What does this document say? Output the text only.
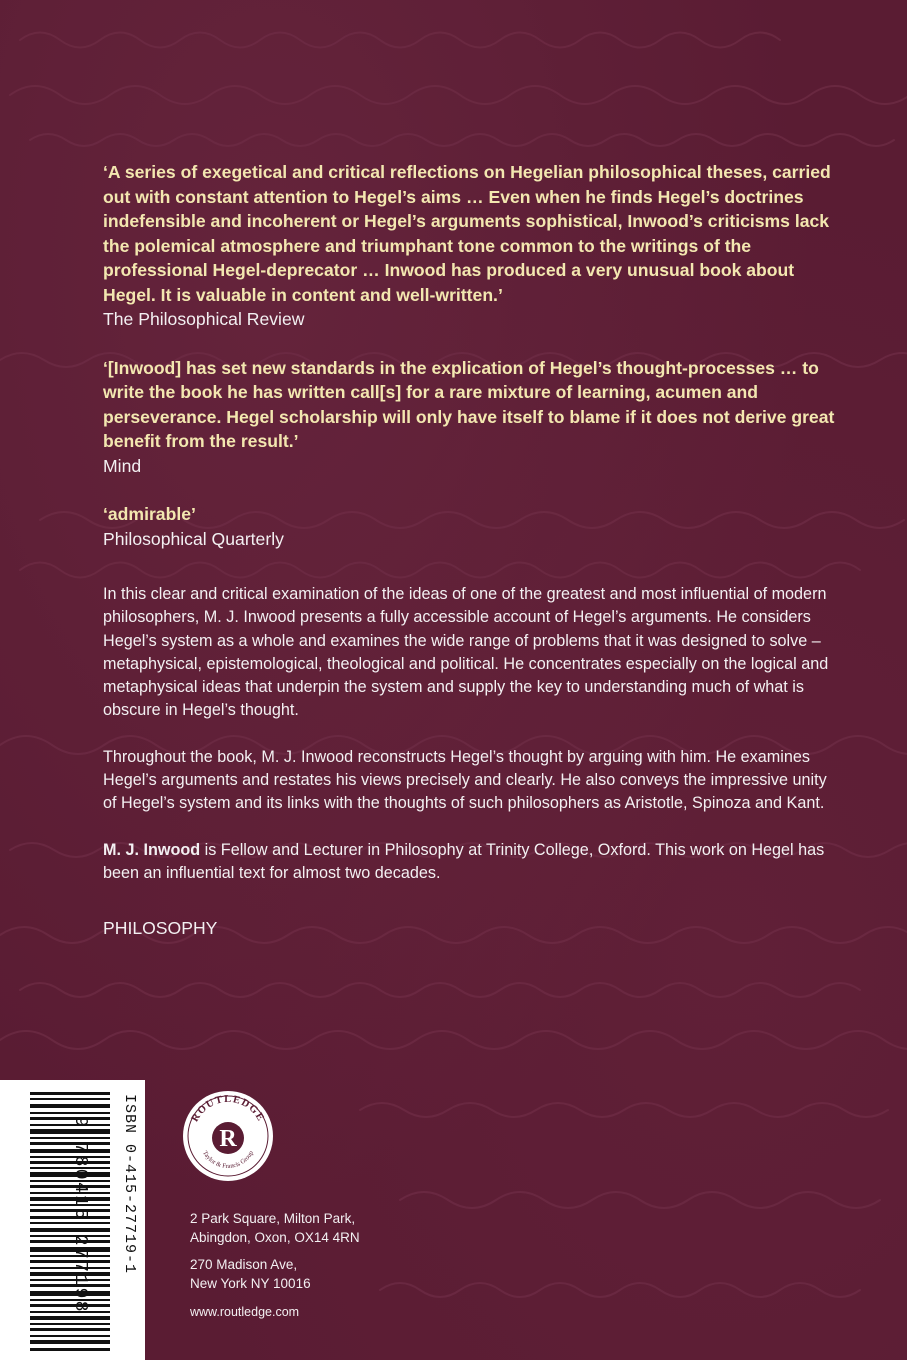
‘A series of exegetical and critical reflections on Hegelian philosophical theses, carried out with constant attention to Hegel’s aims … Even when he finds Hegel’s doctrines indefensible and incoherent or Hegel’s arguments sophistical, Inwood’s criticisms lack the polemical atmosphere and triumphant tone common to the writings of the professional Hegel-deprecator … Inwood has produced a very unusual book about Hegel. It is valuable in content and well-written.’

The Philosophical Review

‘[Inwood] has set new standards in the explication of Hegel’s thought-processes … to write the book he has written call[s] for a rare mixture of learning, acumen and perseverance. Hegel scholarship will only have itself to blame if it does not derive great benefit from the result.’

Mind

‘admirable’

Philosophical Quarterly

In this clear and critical examination of the ideas of one of the greatest and most influential of modern philosophers, M. J. Inwood presents a fully accessible account of Hegel’s arguments. He considers Hegel’s system as a whole and examines the wide range of problems that it was designed to solve – metaphysical, epistemological, theological and political. He concentrates especially on the logical and metaphysical ideas that underpin the system and supply the key to understanding much of what is obscure in Hegel’s thought.

Throughout the book, M. J. Inwood reconstructs Hegel’s thought by arguing with him. He examines Hegel’s arguments and restates his views precisely and clearly. He also conveys the impressive unity of Hegel’s system and its links with the thoughts of such philosophers as Aristotle, Spinoza and Kant.

M. J. Inwood is Fellow and Lecturer in Philosophy at Trinity College, Oxford. This work on Hegel has been an influential text for almost two decades.

PHILOSOPHY

9 780415 277198 ISBN 0-415-27719-1	ROUTLEDGE
Taylor & Francis Group
R

2 Park Square, Milton Park,

Abingdon, Oxon, OX14 4RN

270 Madison Ave,

New York NY 10016

www.routledge.com
